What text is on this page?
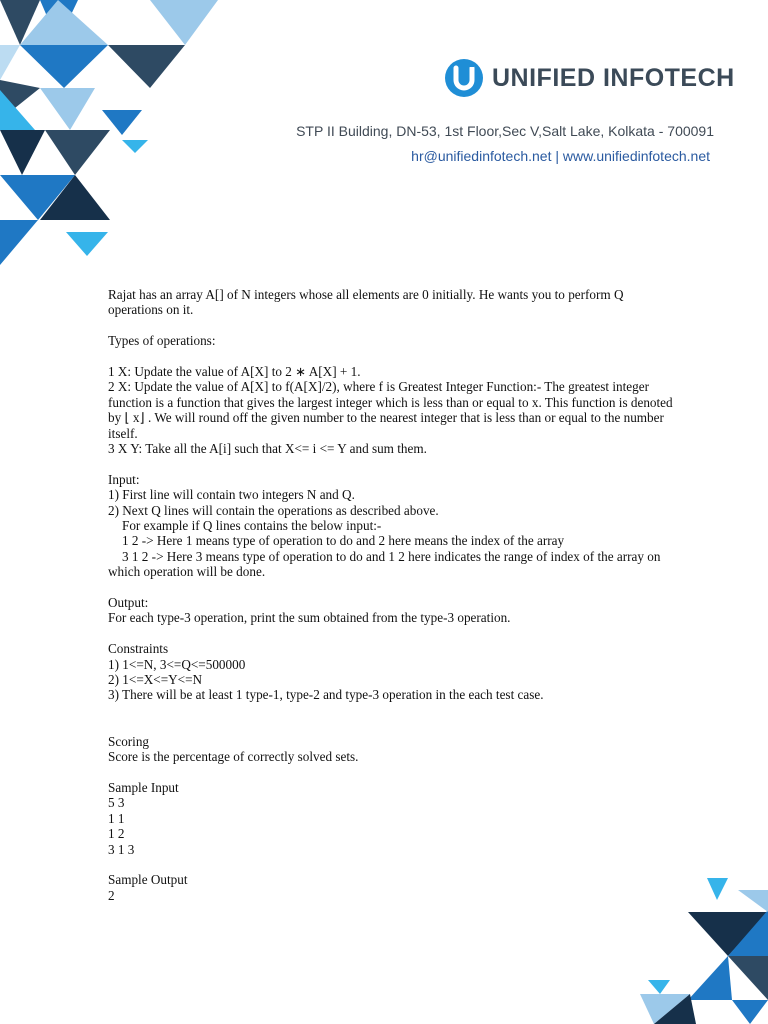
UNIFIED INFOTECH
STP II Building, DN-53, 1st Floor,Sec V,Salt Lake, Kolkata - 700091
hr@unifiedinfotech.net | www.unifiedinfotech.net

Rajat has an array A[] of N integers whose all elements are 0 initially. He wants you to perform Q

operations on it.

Types of operations:

1 X: Update the value of A[X] to 2 ∗ A[X] + 1.

2 X: Update the value of A[X] to f(A[X]/2), where f is Greatest Integer Function:- The greatest integer

function is a function that gives the largest integer which is less than or equal to x. This function is denoted

by ⌊ x⌋ . We will round off the given number to the nearest integer that is less than or equal to the number

itself.

3 X Y: Take all the A[i] such that X<= i <= Y and sum them.

Input:

1) First line will contain two integers N and Q.

2) Next Q lines will contain the operations as described above.

For example if Q lines contains the below input:-

1 2 -> Here 1 means type of operation to do and 2 here means the index of the array

3 1 2 -> Here 3 means type of operation to do and 1 2 here indicates the range of index of the array on

which operation will be done.

Output:

For each type-3 operation, print the sum obtained from the type-3 operation.

Constraints

1) 1<=N, 3<=Q<=500000

2) 1<=X<=Y<=N

3) There will be at least 1 type-1, type-2 and type-3 operation in the each test case.

Scoring

Score is the percentage of correctly solved sets.

Sample Input

5 3

1 1

1 2

3 1 3

Sample Output

2
